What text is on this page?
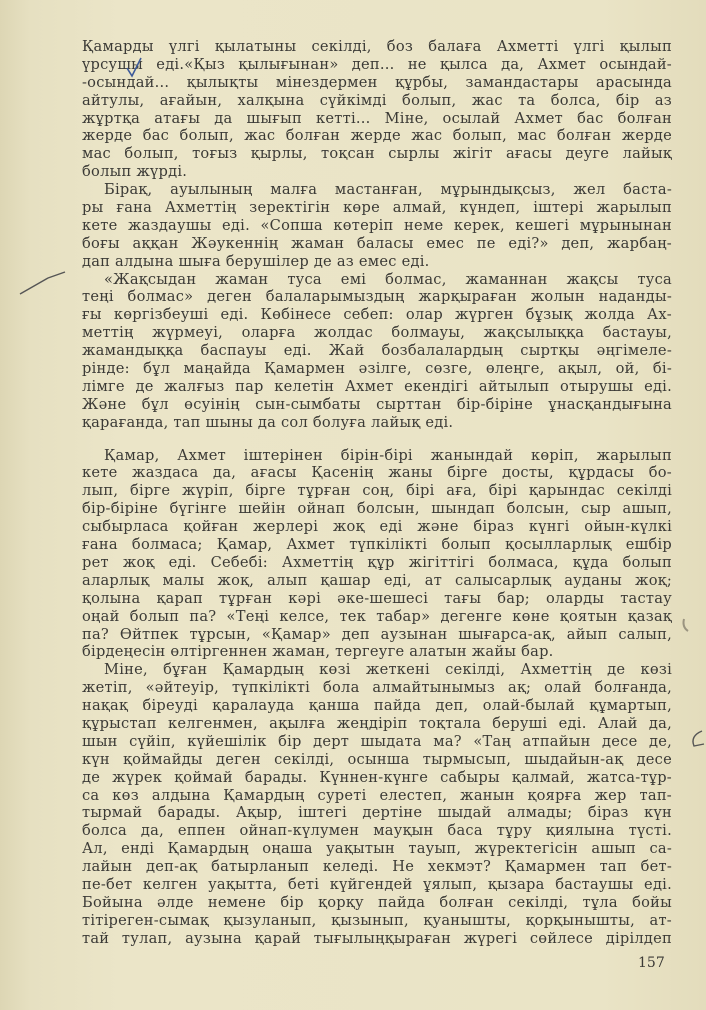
Қамарды үлгі қылатыны секілді, боз балаға Ахметті үлгі қылып
үрсушы еді.«Қыз қылығынан» деп... не қылса да, Ахмет осындай-
-осындай... қылықты мінездермен құрбы, замандастары арасында
айтулы, ағайын, халқына сүйкімді болып, жас та болса, бір аз
жұртқа атағы да шығып кетті... Міне, осылай Ахмет бас болған
жерде бас болып, жас болған жерде жас болып, мас болған жерде
мас болып, тоғыз қырлы, тоқсан сырлы жігіт ағасы деуге лайық
болып жүрді.
Бірақ, ауылының малға мастанған, мұрындықсыз, жел баста-
ры ғана Ахметтің зеректігін көре алмай, күндеп, іштері жарылып
кете жаздаушы еді. «Сопша көтеріп неме керек, кешегі мұрынынан
боғы аққан Жәукеннің жаман баласы емес пе еді?» деп, жарбаң-
дап алдына шыға берушілер де аз емес еді.
«Жақсыдан жаман туса емі болмас, жаманнан жақсы туса
теңі болмас» деген балаларымыздың жарқыраған жолын наданды-
ғы көргізбеуші еді. Көбінесе себеп: олар жүрген бұзық жолда Ах-
меттің жүрмеуі, оларға жолдас болмауы, жақсылыққа бастауы,
жамандыққа баспауы еді. Жай бозбалалардың сыртқы әңгімеле-
рінде: бұл маңайда Қамармен әзілге, сөзге, өлеңге, ақыл, ой, бі-
лімге де жалғыз пар келетін Ахмет екендігі айтылып отырушы еді.
Және бұл өсуінің сын-сымбаты сырттан бір-біріне ұнасқандығына
қарағанда, тап шыны да сол болуға лайық еді.
Қамар, Ахмет іштерінен бірін-бірі жанындай көріп, жарылып
кете жаздаса да, ағасы Қасенің жаны бірге досты, құрдасы бо-
лып, бірге жүріп, бірге тұрған соң, бірі аға, бірі қарындас секілді
бір-біріне бүгінге шейін ойнап болсын, шындап болсын, сыр ашып,
сыбырласа қойған жерлері жоқ еді және біраз күнгі ойын-күлкі
ғана болмаса; Қамар, Ахмет түпкілікті болып қосылларлық ешбір
рет жоқ еді. Себебі: Ахметтің құр жігіттігі болмаса, құда болып
аларлық малы жоқ, алып қашар еді, ат салысарлық ауданы жоқ;
қолына қарап тұрған кәрі әке-шешесі тағы бар; оларды тастау
оңай болып па? «Теңі келсе, тек табар» дегенге көне қоятын қазақ
па? Өйтпек тұрсын, «Қамар» деп аузынан шығарса-ақ, айып салып,
бірдеңесін өлтіргеннен жаман, тергеуге алатын жайы бар.
Міне, бұған Қамардың көзі жеткені секілді, Ахметтің де көзі
жетіп, «әйтеуір, түпкілікті бола алмайтынымыз ақ; олай болғанда,
нақақ біреуді қаралауда қанша пайда деп, олай-былай құмартып,
құрыстап келгенмен, ақылға жеңдіріп тоқтала беруші еді. Алай да,
шын сүйіп, күйешілік бір дерт шыдата ма? «Таң атпайын десе де,
күн қоймайды деген секілді, осынша тырмысып, шыдайын-ақ десе
де жүрек қоймай барады. Күннен-күнге сабыры қалмай, жатса-тұр-
са көз алдына Қамардың суреті елестеп, жанын қоярға жер тап-
тырмай барады. Ақыр, іштегі дертіне шыдай алмады; біраз күн
болса да, еппен ойнап-күлумен мауқын баса тұру қиялына түсті.
Ал, енді Қамардың оңаша уақытын тауып, жүректегісін ашып са-
лайын деп-ақ батырланып келеді. Не хекмэт? Қамармен тап бет-
пе-бет келген уақытта, беті күйгендей ұялып, қызара бастаушы еді.
Бойына әлде немене бір қорқу пайда болған секілді, тұла бойы
тітіреген-сымақ қызуланып, қызынып, қуанышты, қорқынышты, ат-
тай тулап, аузына қарай тығылыңқыраған жүрегі сөйлесе дірілдеп
157
